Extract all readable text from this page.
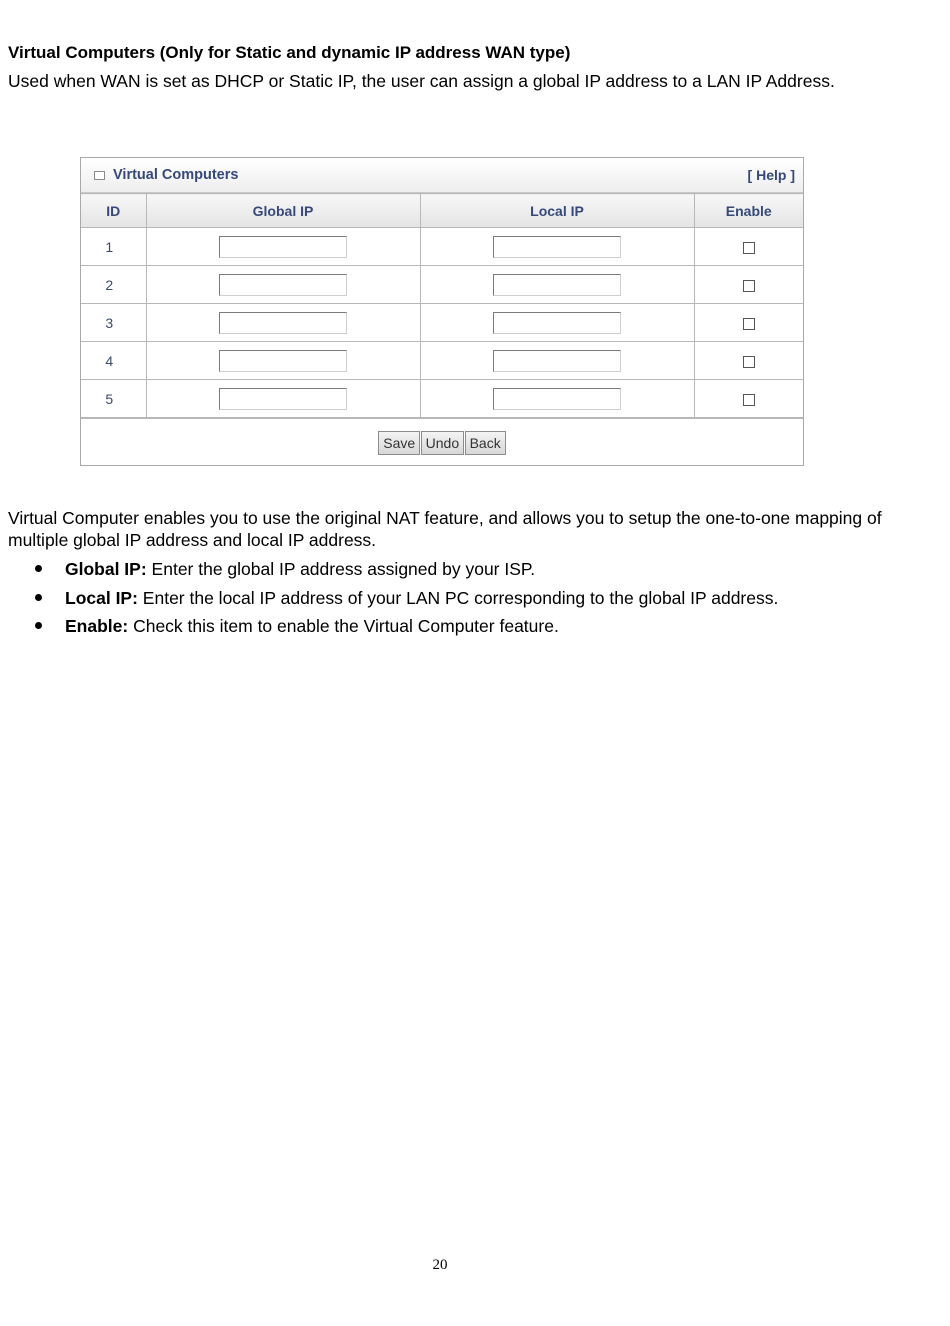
Virtual Computers (Only for Static and dynamic IP address WAN type)
Used when WAN is set as DHCP or Static IP, the user can assign a global IP address to a LAN IP Address.
Virtual Computers	[ Help ]
ID	Global IP	Local IP	Enable
1			
2			
3			
4			
5			
Save Undo Back
Virtual Computer enables you to use the original NAT feature, and allows you to setup the one-to-one mapping of multiple global IP address and local IP address.
Global IP: Enter the global IP address assigned by your ISP.
Local IP: Enter the local IP address of your LAN PC corresponding to the global IP address.
Enable: Check this item to enable the Virtual Computer feature.
20
